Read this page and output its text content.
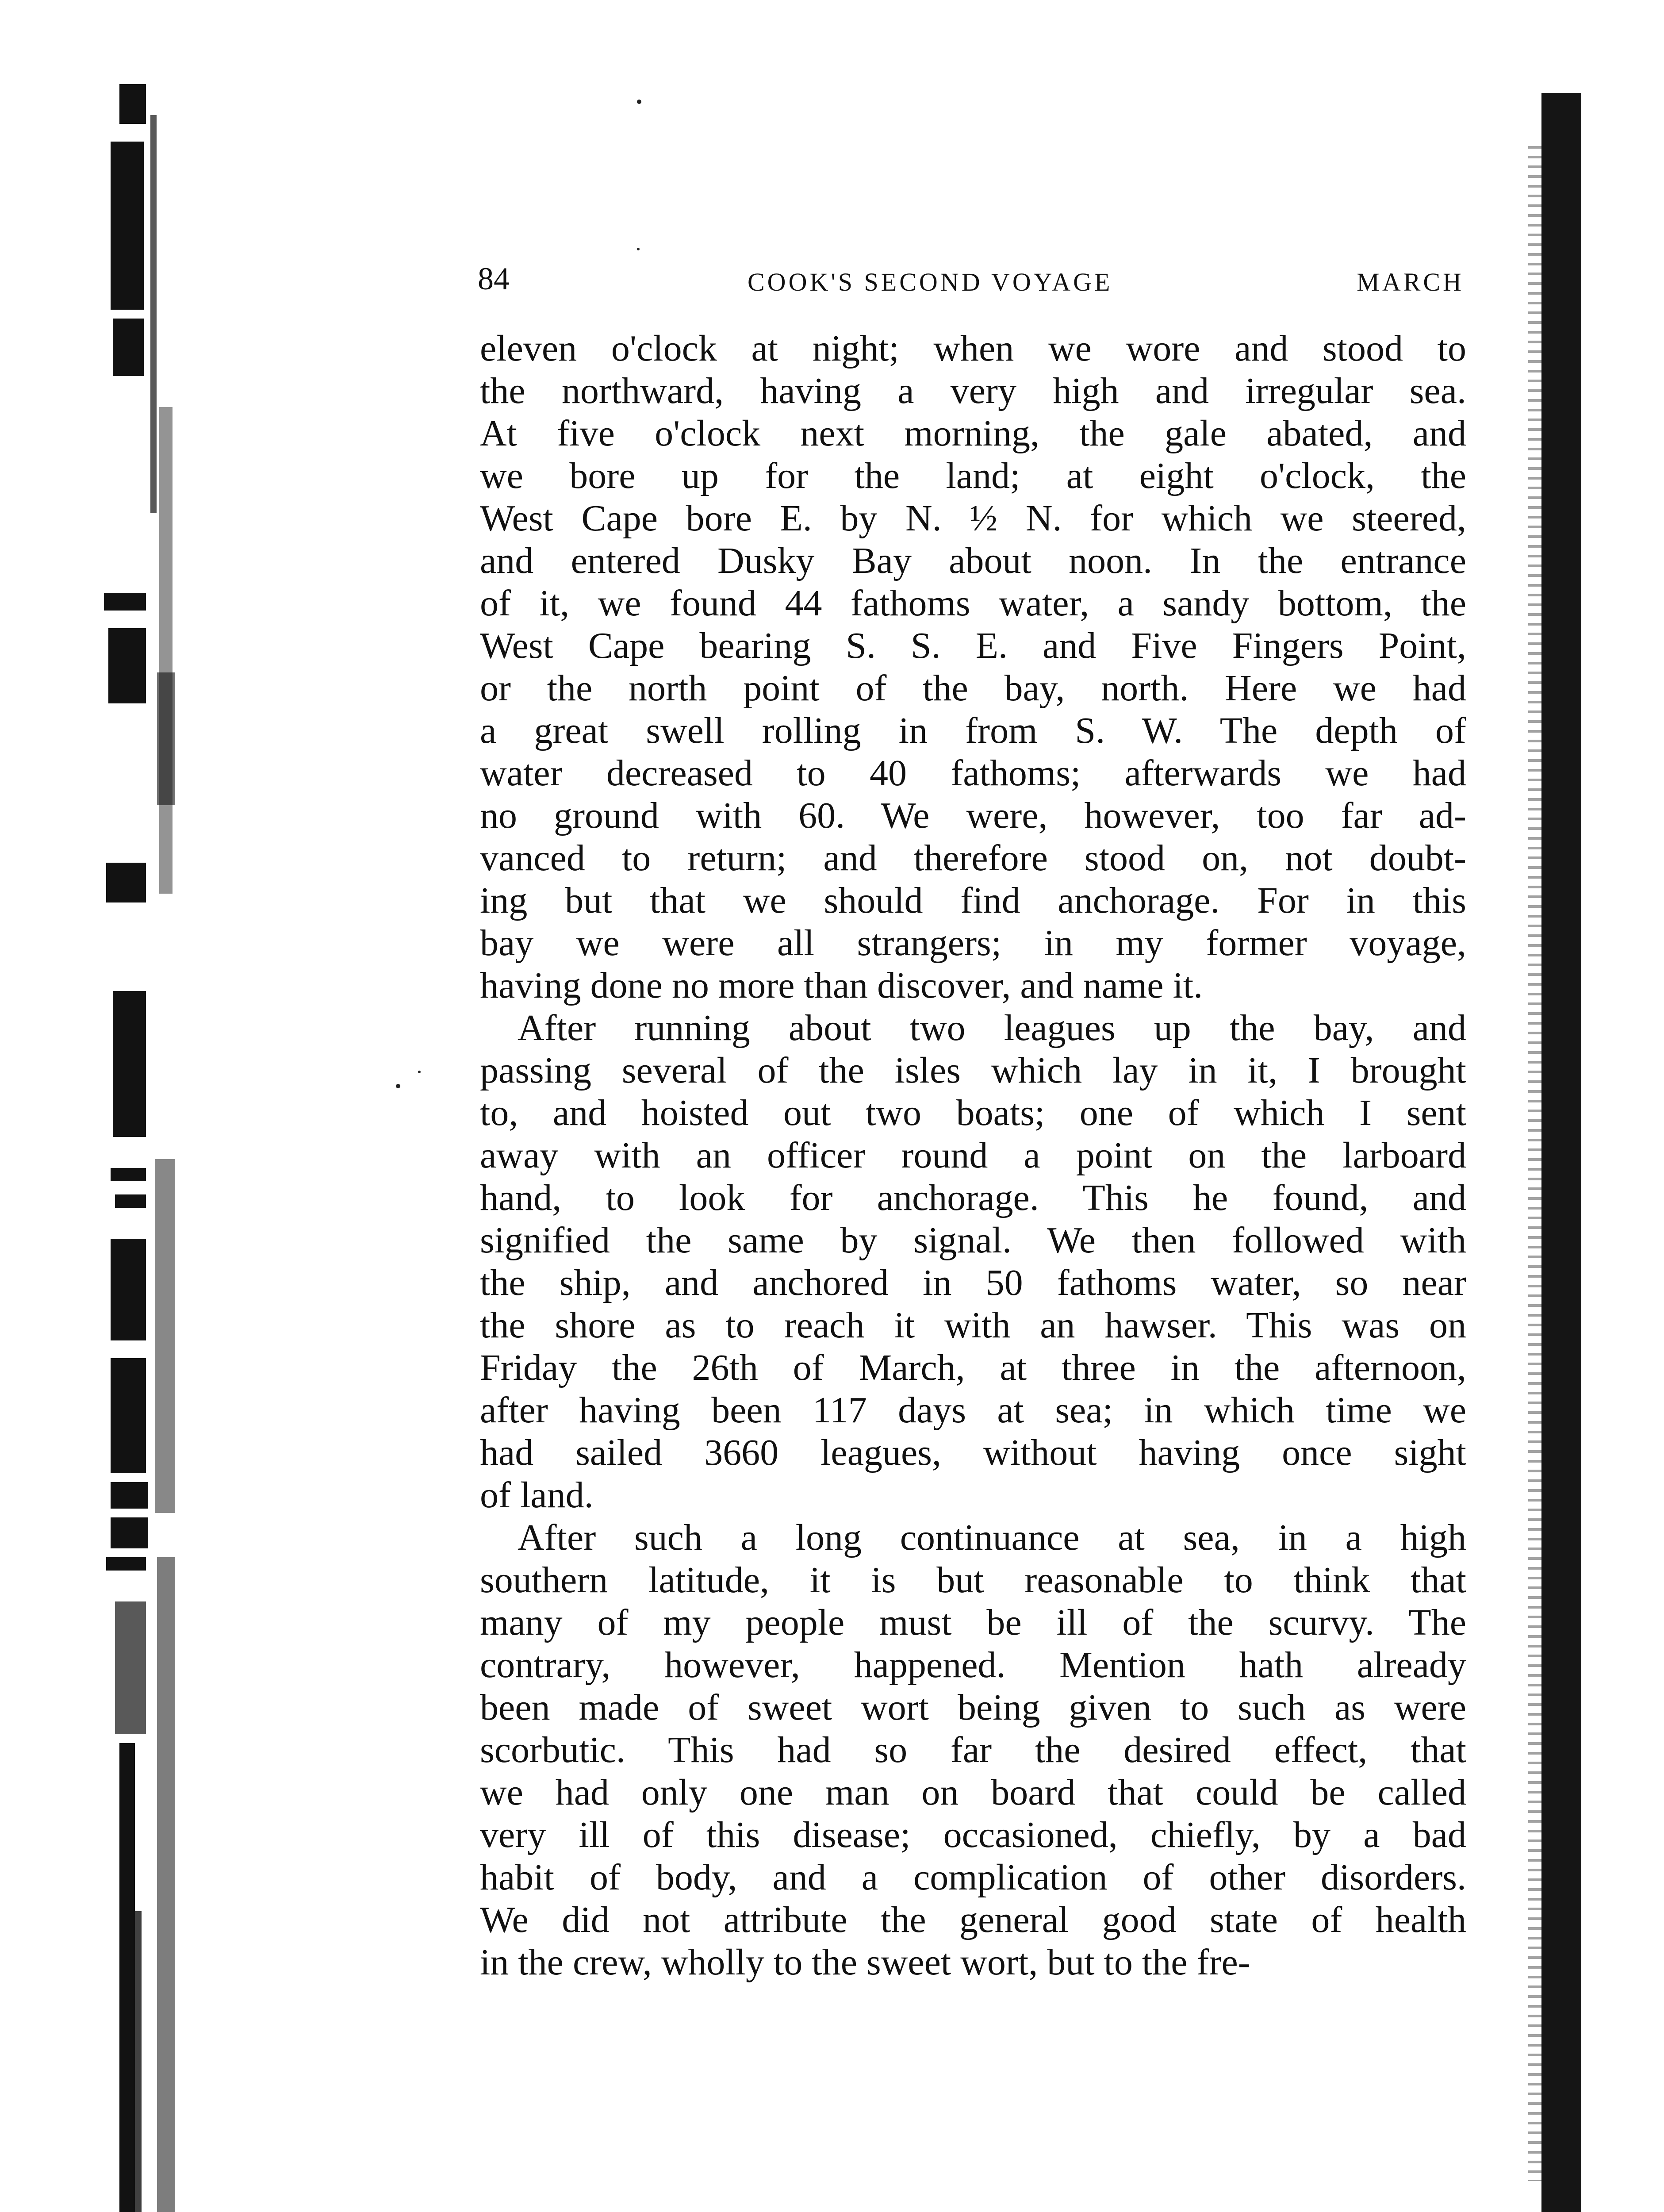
84	COOK'S SECOND VOYAGE	MARCH
eleven o'clock at night; when we wore and stood to
the northward, having a very high and irregular sea.
At five o'clock next morning, the gale abated, and
we bore up for the land; at eight o'clock, the
West Cape bore E. by N. ½ N. for which we steered,
and entered Dusky Bay about noon. In the entrance
of it, we found 44 fathoms water, a sandy bottom, the
West Cape bearing S. S. E. and Five Fingers Point,
or the north point of the bay, north. Here we had
a great swell rolling in from S. W. The depth of
water decreased to 40 fathoms; afterwards we had
no ground with 60. We were, however, too far ad-
vanced to return; and therefore stood on, not doubt-
ing but that we should find anchorage. For in this
bay we were all strangers; in my former voyage,
having done no more than discover, and name it.
After running about two leagues up the bay, and
passing several of the isles which lay in it, I brought
to, and hoisted out two boats; one of which I sent
away with an officer round a point on the larboard
hand, to look for anchorage. This he found, and
signified the same by signal. We then followed with
the ship, and anchored in 50 fathoms water, so near
the shore as to reach it with an hawser. This was on
Friday the 26th of March, at three in the afternoon,
after having been 117 days at sea; in which time we
had sailed 3660 leagues, without having once sight
of land.
After such a long continuance at sea, in a high
southern latitude, it is but reasonable to think that
many of my people must be ill of the scurvy. The
contrary, however, happened. Mention hath already
been made of sweet wort being given to such as were
scorbutic. This had so far the desired effect, that
we had only one man on board that could be called
very ill of this disease; occasioned, chiefly, by a bad
habit of body, and a complication of other disorders.
We did not attribute the general good state of health
in the crew, wholly to the sweet wort, but to the fre-
